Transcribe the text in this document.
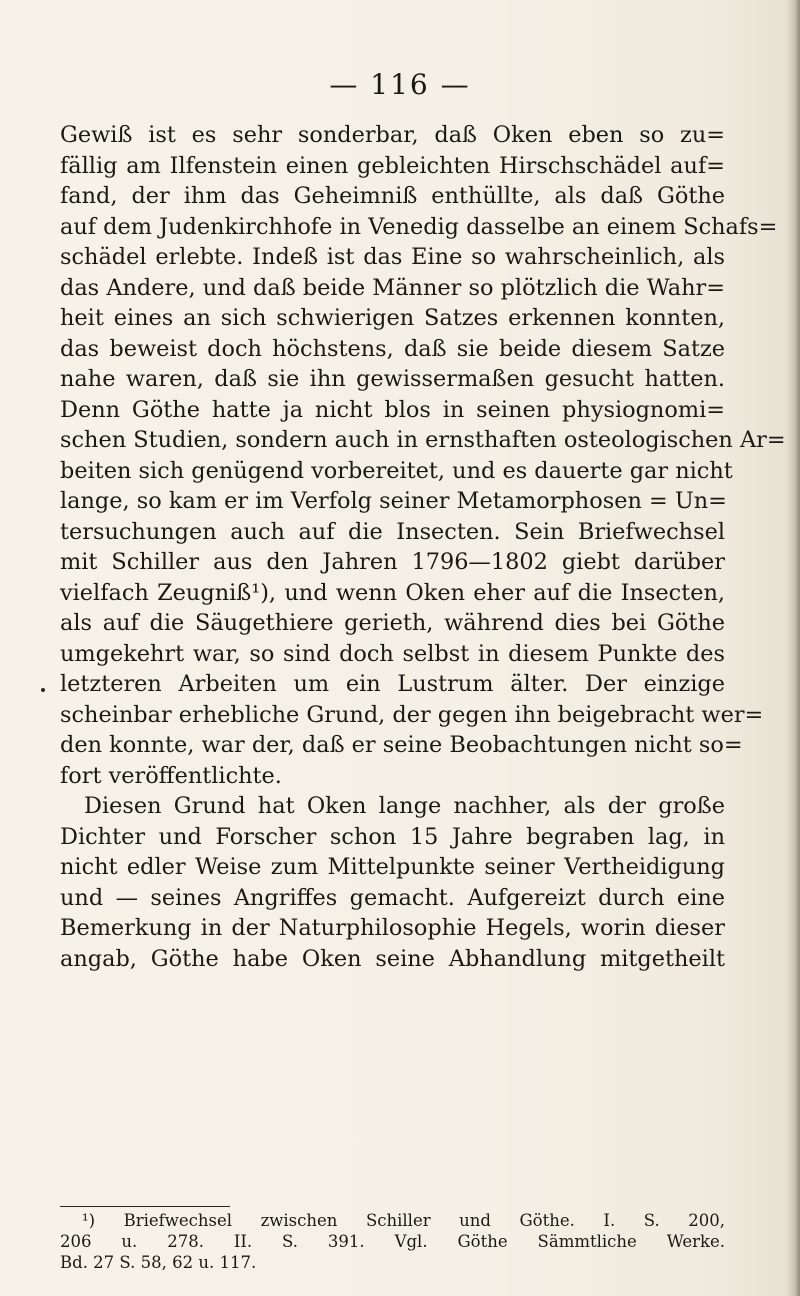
— 116 —
Gewiß ist es sehr sonderbar, daß Oken eben so zu=
fällig am Ilfenstein einen gebleichten Hirschschädel auf=
fand, der ihm das Geheimniß enthüllte, als daß Göthe
auf dem Judenkirchhofe in Venedig dasselbe an einem Schafs=
schädel erlebte. Indeß ist das Eine so wahrscheinlich, als
das Andere, und daß beide Männer so plötzlich die Wahr=
heit eines an sich schwierigen Satzes erkennen konnten,
das beweist doch höchstens, daß sie beide diesem Satze
nahe waren, daß sie ihn gewissermaßen gesucht hatten.
Denn Göthe hatte ja nicht blos in seinen physiognomi=
schen Studien, sondern auch in ernsthaften osteologischen Ar=
beiten sich genügend vorbereitet, und es dauerte gar nicht
lange, so kam er im Verfolg seiner Metamorphosen = Un=
tersuchungen auch auf die Insecten. Sein Briefwechsel
mit Schiller aus den Jahren 1796—1802 giebt darüber
vielfach Zeugniß¹), und wenn Oken eher auf die Insecten,
als auf die Säugethiere gerieth, während dies bei Göthe
umgekehrt war, so sind doch selbst in diesem Punkte des
letzteren Arbeiten um ein Lustrum älter. Der einzige
scheinbar erhebliche Grund, der gegen ihn beigebracht wer=
den konnte, war der, daß er seine Beobachtungen nicht so=
fort veröffentlichte.
Diesen Grund hat Oken lange nachher, als der große
Dichter und Forscher schon 15 Jahre begraben lag, in
nicht edler Weise zum Mittelpunkte seiner Vertheidigung
und — seines Angriffes gemacht. Aufgereizt durch eine
Bemerkung in der Naturphilosophie Hegels, worin dieser
angab, Göthe habe Oken seine Abhandlung mitgetheilt
¹) Briefwechsel zwischen Schiller und Göthe. I. S. 200,
206 u. 278. II. S. 391. Vgl. Göthe Sämmtliche Werke.
Bd. 27 S. 58, 62 u. 117.
